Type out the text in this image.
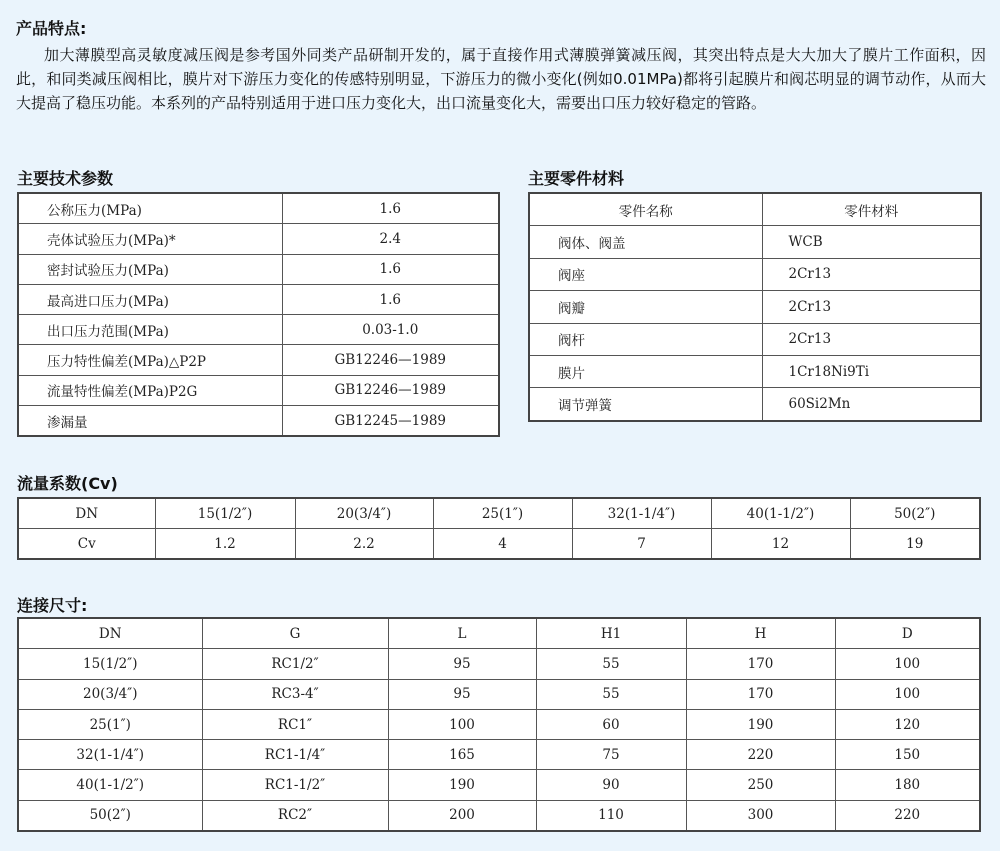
产品特点:
加大薄膜型高灵敏度减压阀是参考国外同类产品研制开发的，属于直接作用式薄膜弹簧减压阀，其突出特点是大大加大了膜片工作面积，因此，和同类减压阀相比，膜片对下游压力变化的传感特别明显，下游压力的微小变化(例如0.01MPa)都将引起膜片和阀芯明显的调节动作，从而大大提高了稳压功能。本系列的产品特别适用于进口压力变化大，出口流量变化大，需要出口压力较好稳定的管路。
主要技术参数
公称压力(MPa)	1.6
壳体试验压力(MPa)*	2.4
密封试验压力(MPa)	1.6
最高进口压力(MPa)	1.6
出口压力范围(MPa)	0.03-1.0
压力特性偏差(MPa)△P2P	GB12246—1989
流量特性偏差(MPa)P2G	GB12246—1989
渗漏量	GB12245—1989
主要零件材料
零件名称	零件材料
阀体、阀盖	WCB
阀座	2Cr13
阀瓣	2Cr13
阀杆	2Cr13
膜片	1Cr18Ni9Ti
调节弹簧	60Si2Mn
流量系数(Cv)
DN	15(1/2″)	20(3/4″)	25(1″)	32(1-1/4″)	40(1-1/2″)	50(2″)
Cv	1.2	2.2	4	7	12	19
连接尺寸:
DN	G	L	H1	H	D
15(1/2″)	RC1/2″	95	55	170	100
20(3/4″)	RC3-4″	95	55	170	100
25(1″)	RC1″	100	60	190	120
32(1-1/4″)	RC1-1/4″	165	75	220	150
40(1-1/2″)	RC1-1/2″	190	90	250	180
50(2″)	RC2″	200	110	300	220
